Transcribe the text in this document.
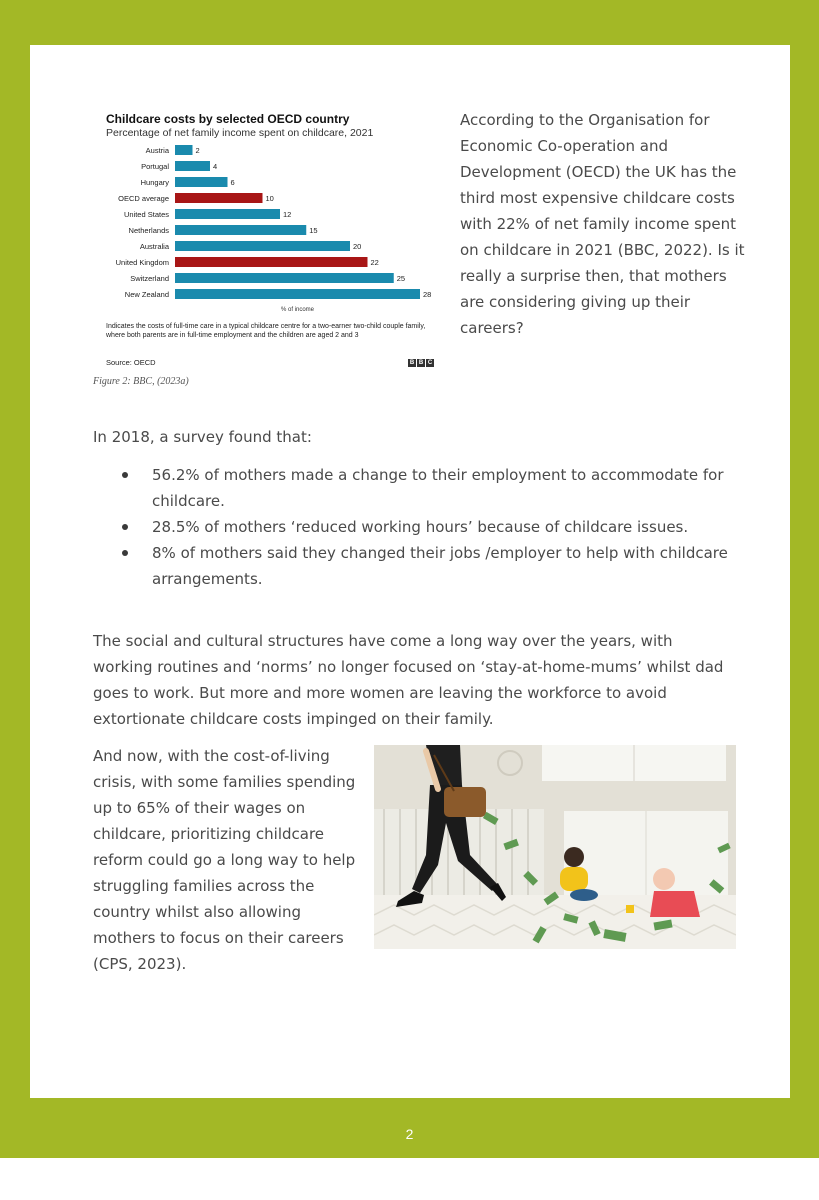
Austria	2
Portugal	4
Hungary	6
OECD average	10
United States	12
Netherlands	15
Australia	20
United Kingdom	22
Switzerland	25
New Zealand	28
% of income
Childcare costs by selected OECD country
Percentage of net family income spent on childcare, 2021
Indicates the costs of full-time care in a typical childcare centre for a two-earner two-child couple family, where both parents are in full-time employment and the children are aged 2 and 3
Source: OECD	B B C
Figure 2: BBC, (2023a)

According to the Organisation for Economic Co-operation and Development (OECD) the UK has the third most expensive childcare costs with 22% of net family income spent on childcare in 2021 (BBC, 2022). Is it really a surprise then, that mothers are considering giving up their careers?

In 2018, a survey found that:

56.2% of mothers made a change to their employment to accommodate for childcare.
28.5% of mothers ‘reduced working hours’ because of childcare issues.
8% of mothers said they changed their jobs /employer to help with childcare arrangements.

The social and cultural structures have come a long way over the years, with working routines and ‘norms’ no longer focused on ‘stay-at-home-mums’ whilst dad goes to work. But more and more women are leaving the workforce to avoid extortionate childcare costs impinged on their family.

And now, with the cost-of-living crisis, with some families spending up to 65% of their wages on childcare, prioritizing childcare reform could go a long way to help struggling families across the country whilst also allowing mothers to focus on their careers (CPS, 2023).

2
